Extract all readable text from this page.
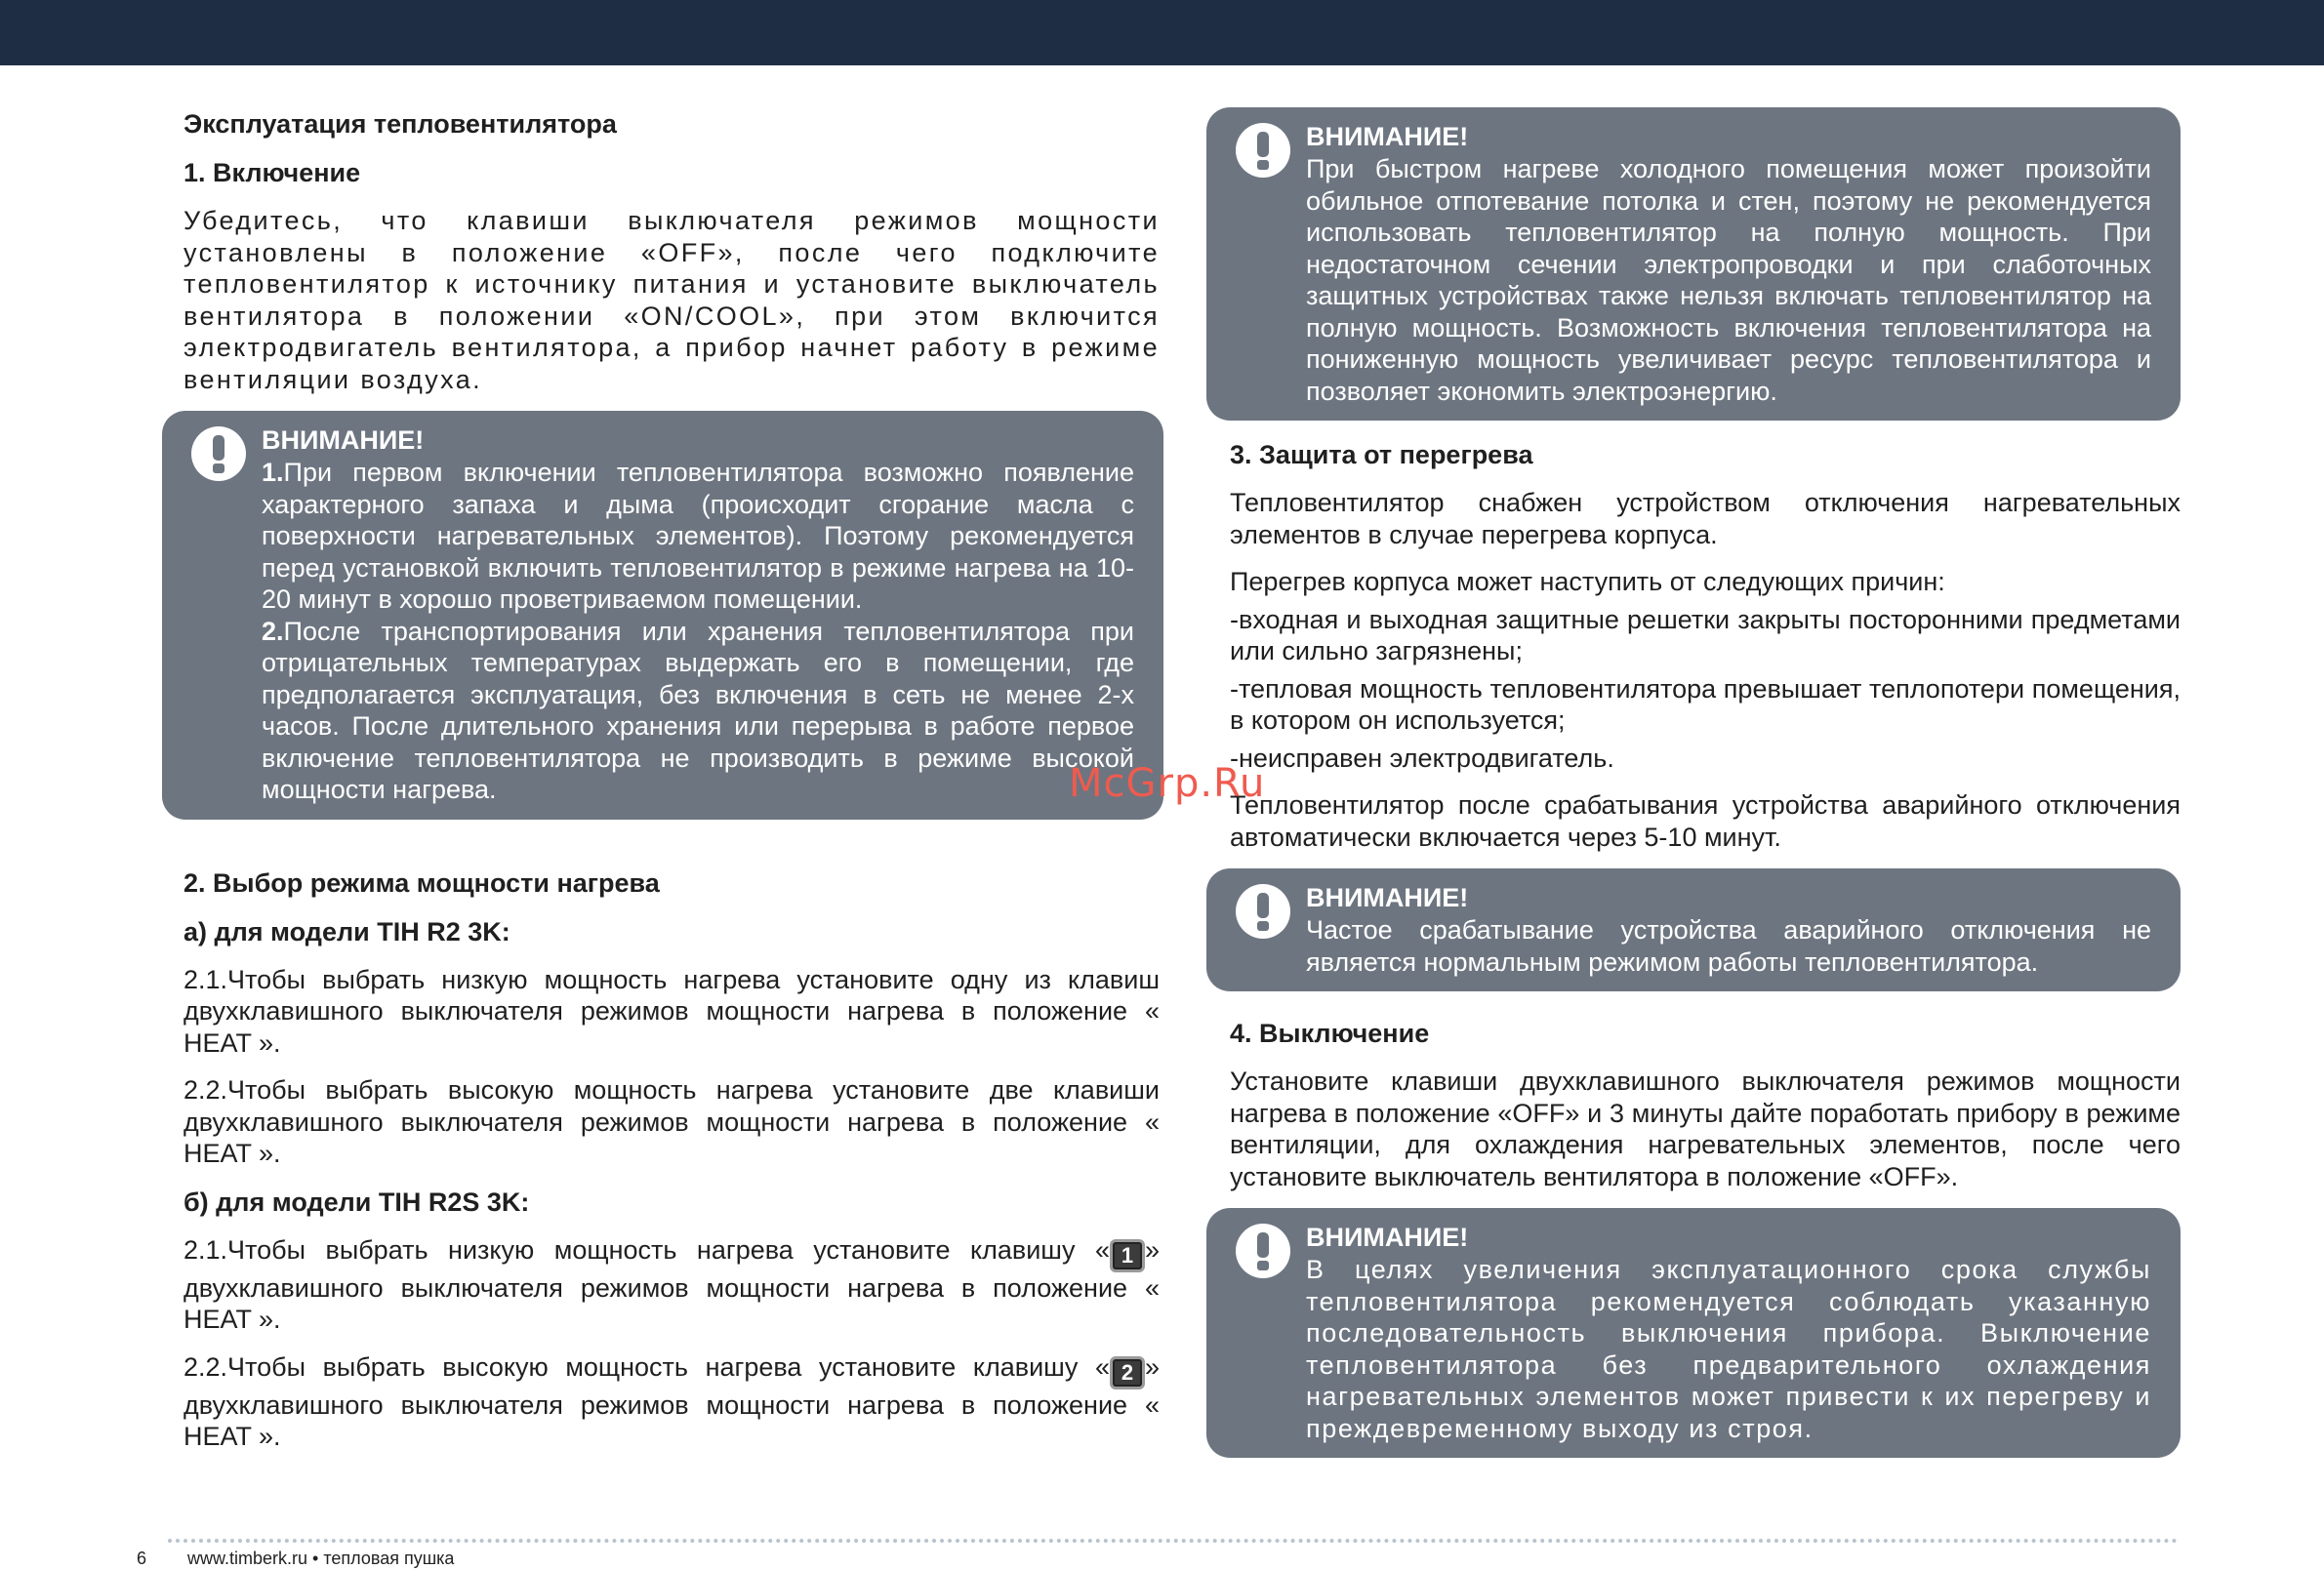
Эксплуатация тепловентилятора
1. Включение

Убедитесь, что клавиши выключателя режимов мощности установлены в положение «OFF», после чего подключите тепловентилятор к источнику питания и установите выключатель вентилятора в положении «ON/COOL», при этом включится электродвигатель вентилятора, а прибор начнет работу в режиме вентиляции воздуха.

ВНИМАНИЕ!

1.При первом включении тепловентилятора возможно появление характерного запаха и дыма (происходит сгорание масла с поверхности нагревательных элементов). Поэтому рекомендуется перед установкой включить тепловентилятор в режиме нагрева на 10-20 минут в хорошо проветриваемом помещении.

2.После транспортирования или хранения тепловентилятора при отрицательных температурах выдержать его в помещении, где предполагается эксплуатация, без включения в сеть не менее 2-х часов. После длительного хранения или перерыва в работе первое включение тепловентилятора не производить в режиме высокой мощности нагрева.

2. Выбор режима мощности нагрева
а) для модели TIH R2 3K:

2.1.Чтобы выбрать низкую мощность нагрева установите одну из клавиш двухклавишного выключателя режимов мощности нагрева в положение « HEAT ».

2.2.Чтобы выбрать высокую мощность нагрева установите две клавиши двухклавишного выключателя режимов мощности нагрева в положение « HEAT ».

б) для модели TIH R2S 3K:

2.1.Чтобы выбрать низкую мощность нагрева установите клавишу « 1 » двухклавишного выключателя режимов мощности нагрева в положение « HEAT ».

2.2.Чтобы выбрать высокую мощность нагрева установите клавишу « 2 » двухклавишного выключателя режимов мощности нагрева в положение « HEAT ».

ВНИМАНИЕ!

При быстром нагреве холодного помещения может произойти обильное отпотевание потолка и стен, поэтому не рекомендуется использовать тепловентилятор на полную мощность. При недостаточном сечении электропроводки и при слаботочных защитных устройствах также нельзя включать тепловентилятор на полную мощность. Возможность включения тепловентилятора на пониженную мощность увеличивает ресурс тепловентилятора и позволяет экономить электроэнергию.

3. Защита от перегрева

Тепловентилятор снабжен устройством отключения нагревательных элементов в случае перегрева корпуса.

Перегрев корпуса может наступить от следующих причин:

-входная и выходная защитные решетки закрыты посторонними предметами или сильно загрязнены;

-тепловая мощность тепловентилятора превышает теплопотери помещения, в котором он используется;

-неисправен электродвигатель.

Тепловентилятор после срабатывания устройства аварийного отключения автоматически включается через 5-10 минут.

ВНИМАНИЕ!

Частое срабатывание устройства аварийного отключения не является нормальным режимом работы тепловентилятора.

4. Выключение

Установите клавиши двухклавишного выключателя режимов мощности нагрева в положение «OFF» и 3 минуты дайте поработать прибору в режиме вентиляции, для охлаждения нагревательных элементов, после чего установите выключатель вентилятора в положение «OFF».

ВНИМАНИЕ!

В целях увеличения эксплуатационного срока службы тепловентилятора рекомендуется соблюдать указанную последовательность выключения прибора. Выключение тепловентилятора без предварительного охлаждения нагревательных элементов может привести к их перегреву и преждевременному выходу из строя.

McGrp.Ru
6 www.timberk.ru • тепловая пушка
